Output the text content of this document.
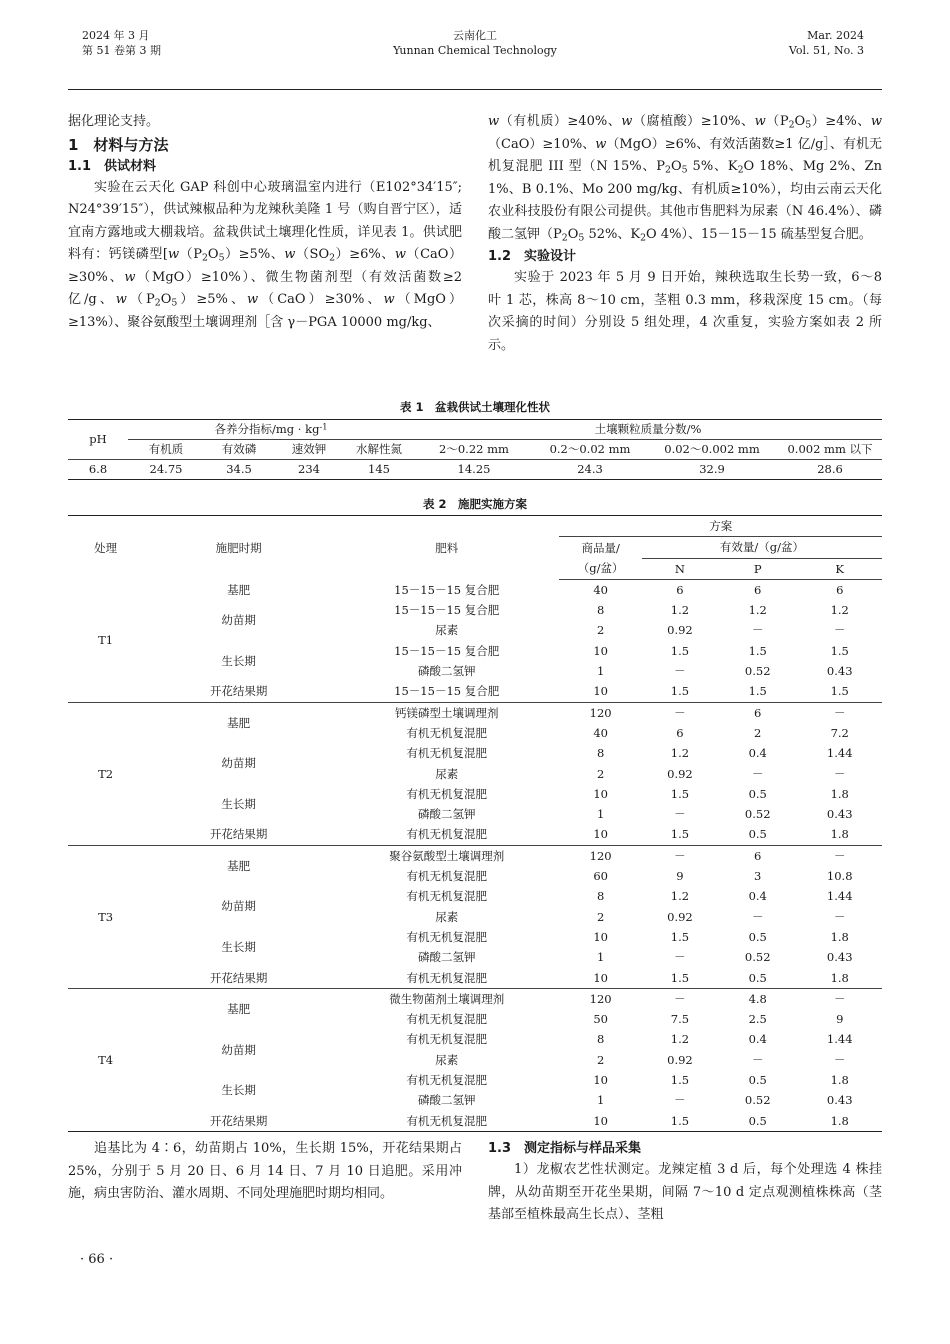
2024 年 3 月
第 51 卷第 3 期
云南化工
Yunnan Chemical Technology
Mar. 2024
Vol. 51, No. 3

据化理论支持。

1　材料与方法

1.1　供试材料

实验在云天化 GAP 科创中心玻璃温室内进行（E102°34′15″; N24°39′15″），供试辣椒品种为龙辣秋美隆 1 号（购自晋宁区），适宜南方露地或大棚栽培。盆栽供试土壤理化性质，详见表 1。供试肥料有：钙镁磷型[$w(P_2O_5)\ge 5\%$、$w(SO_2)\ge 6\%$、w（CaO）≥30%、w（MgO）≥10%）、微生物菌剂型（有效活菌数≥2 亿/g、$w(P_2O_5)\ge 5\%$、w（CaO）≥30%、w（MgO）≥13%）、聚谷氨酸型土壤调理剂［含 γ－PGA 10000 mg/kg、

w（有机质）≥40%、w（腐植酸）≥10%、$w(P_2O_5)\ge 4\%$、w（CaO）≥10%、w（MgO）≥6%、有效活菌数≥1 亿/g］、有机无机复混肥 III 型（N 15%、$P_2O_5$ 5%、$K_2O$ 18%、Mg 2%、Zn 1%、B 0.1%、Mo 200 mg/kg、有机质≥10%），均由云南云天化农业科技股份有限公司提供。其他市售肥料为尿素（N 46.4%）、磷酸二氢钾（$P_2O_5$ 52%、$K_2O$ 4%）、15－15－15 硫基型复合肥。

1.2　实验设计

实验于 2023 年 5 月 9 日开始，辣秧选取生长势一致，6～8 叶 1 芯，株高 8～10 cm，茎粗 0.3 mm，移栽深度 15 cm。（每次采摘的时间）分别设 5 组处理，4 次重复，实验方案如表 2 所示。

表 1　盆栽供试土壤理化性状
pH	各养分指标$/mg \cdot kg^{-1}$				土壤颗粒质量分数/%			
	有机质	有效磷	速效钾	水解性氮	2～0.22 mm	0.2～0.02 mm	0.02～0.002 mm	0.002 mm 以下
6.8	24.75	34.5	234	145	14.25	24.3	32.9	28.6
表 2　施肥实施方案
处理	施肥时期	肥料	方案			
			商品量/	有效量/（g/盆）		
			（g/盆）	N	P	K
T1	基肥	15－15－15 复合肥	40	6	6	6
	幼苗期	15－15－15 复合肥	8	1.2	1.2	1.2
		尿素	2	0.92	－	－
	生长期	15－15－15 复合肥	10	1.5	1.5	1.5
		磷酸二氢钾	1	－	0.52	0.43
	开花结果期	15－15－15 复合肥	10	1.5	1.5	1.5
T2	基肥	钙镁磷型土壤调理剂	120	－	6	－
		有机无机复混肥	40	6	2	7.2
	幼苗期	有机无机复混肥	8	1.2	0.4	1.44
		尿素	2	0.92	－	－
	生长期	有机无机复混肥	10	1.5	0.5	1.8
		磷酸二氢钾	1	－	0.52	0.43
	开花结果期	有机无机复混肥	10	1.5	0.5	1.8
T3	基肥	聚谷氨酸型土壤调理剂	120	－	6	－
		有机无机复混肥	60	9	3	10.8
	幼苗期	有机无机复混肥	8	1.2	0.4	1.44
		尿素	2	0.92	－	－
	生长期	有机无机复混肥	10	1.5	0.5	1.8
		磷酸二氢钾	1	－	0.52	0.43
	开花结果期	有机无机复混肥	10	1.5	0.5	1.8
T4	基肥	微生物菌剂土壤调理剂	120	－	4.8	－
		有机无机复混肥	50	7.5	2.5	9
	幼苗期	有机无机复混肥	8	1.2	0.4	1.44
		尿素	2	0.92	－	－
	生长期	有机无机复混肥	10	1.5	0.5	1.8
		磷酸二氢钾	1	－	0.52	0.43
	开花结果期	有机无机复混肥	10	1.5	0.5	1.8

追基比为 4∶6，幼苗期占 10%，生长期 15%，开花结果期占 25%，分别于 5 月 20 日、6 月 14 日、7 月 10 日追肥。采用冲施，病虫害防治、灌水周期、不同处理施肥时期均相同。

1.3　测定指标与样品采集

1）龙椒农艺性状测定。龙辣定植 3 d 后，每个处理选 4 株挂牌，从幼苗期至开花坐果期，间隔 7～10 d 定点观测植株株高（茎基部至植株最高生长点）、茎粗

· 66 ·
